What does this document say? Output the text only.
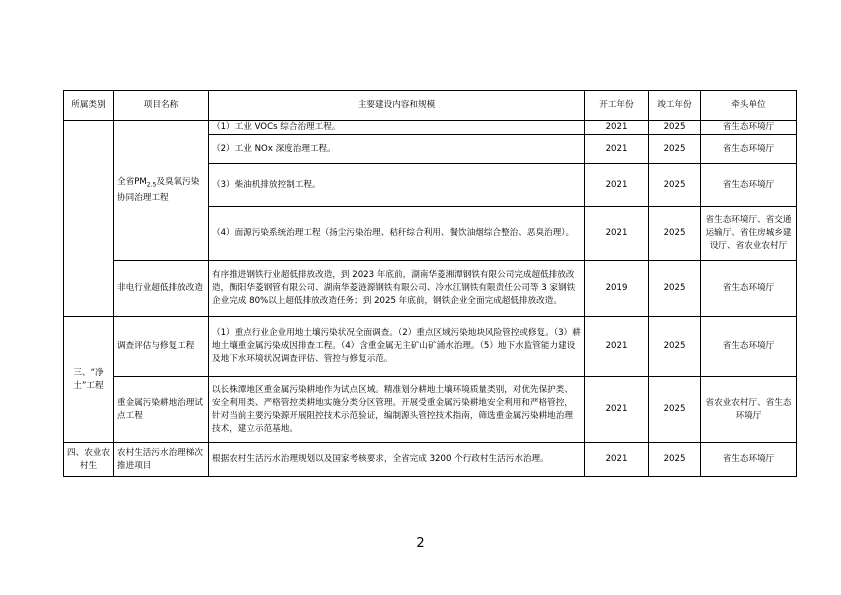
所属类别	项目名称	主要建设内容和规模	开工年份	竣工年份	牵头单位
	全省$PM_{2.5}$及臭氧污染协同治理工程	（1）工业 VOCs 综合治理工程。	2021	2025	省生态环境厅
		（2）工业 NOx 深度治理工程。	2021	2025	省生态环境厅
		（3）柴油机排放控制工程。	2021	2025	省生态环境厅
		（4）面源污染系统治理工程（扬尘污染治理、秸秆综合利用、餐饮油烟综合整治、恶臭治理）。	2021	2025	省生态环境厅、省交通运输厅、省住房城乡建设厅、省农业农村厅
	非电行业超低排放改造	有序推进钢铁行业超低排放改造，到 2023 年底前，湖南华菱湘潭钢铁有限公司完成超低排放改造，衡阳华菱钢管有限公司、湖南华菱涟源钢铁有限公司、冷水江钢铁有限责任公司等 3 家钢铁企业完成 80%以上超低排放改造任务；到 2025 年底前，钢铁企业全面完成超低排放改造。	2019	2025	省生态环境厅
三、“净土”工程	调查评估与修复工程	（1）重点行业企业用地土壤污染状况全面调查。（2）重点区域污染地块风险管控或修复。（3）耕地土壤重金属污染成因排查工程。（4）含重金属无主矿山矿涌水治理。（5）地下水监管能力建设及地下水环境状况调查评估、管控与修复示范。	2021	2025	省生态环境厅
	重金属污染耕地治理试点工程	以长株潭地区重金属污染耕地作为试点区域。精准划分耕地土壤环境质量类别，对优先保护类、安全利用类、严格管控类耕地实施分类分区管理。开展受重金属污染耕地安全利用和严格管控，针对当前主要污染源开展阻控技术示范验证，编制源头管控技术指南，筛选重金属污染耕地治理技术，建立示范基地。	2021	2025	省农业农村厅、省生态环境厅
四、农业农村生	农村生活污水治理梯次推进项目	根据农村生活污水治理规划以及国家考核要求，全省完成 3200 个行政村生活污水治理。	2021	2025	省生态环境厅
2
